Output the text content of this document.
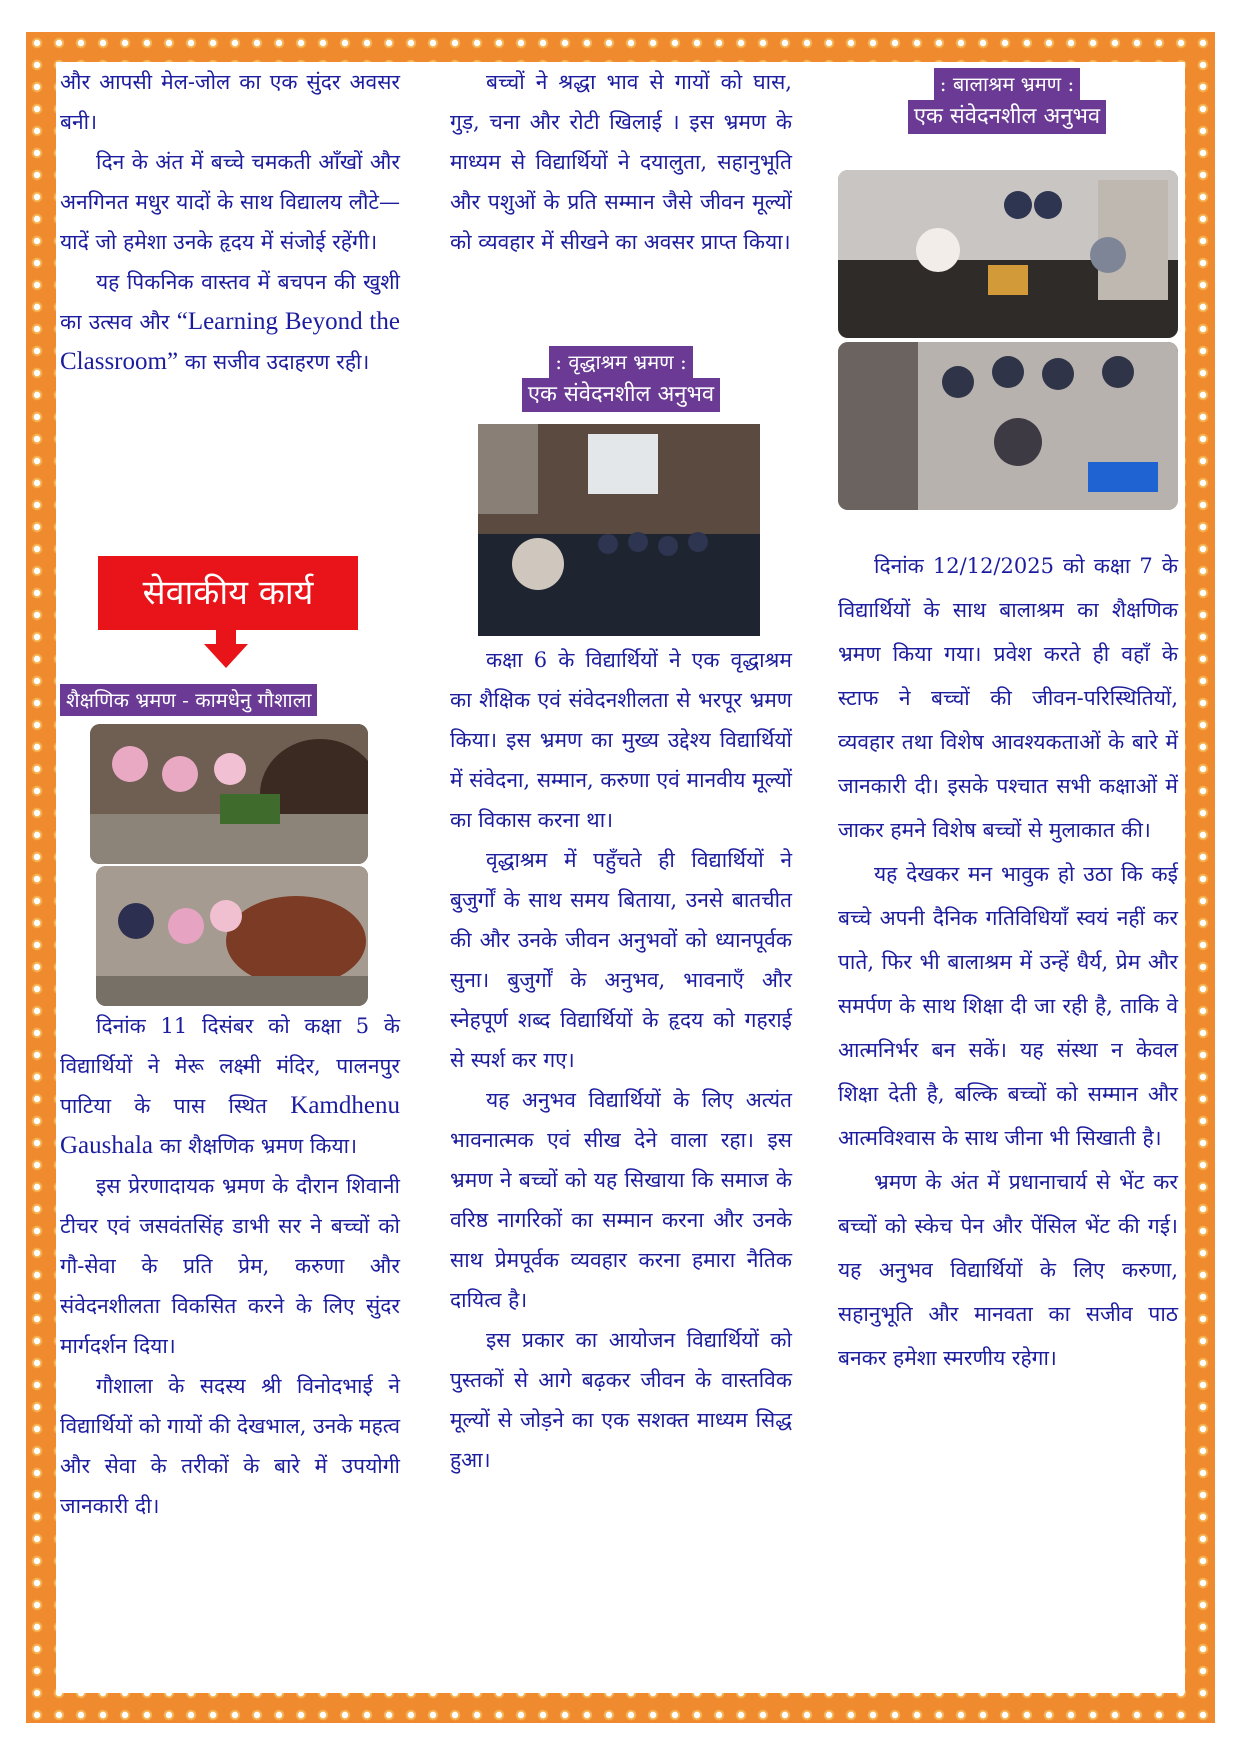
और आपसी मेल-जोल का एक सुंदर अवसर बनी।

दिन के अंत में बच्चे चमकती आँखों और अनगिनत मधुर यादों के साथ विद्यालय लौटे—यादें जो हमेशा उनके हृदय में संजोई रहेंगी।

यह पिकनिक वास्तव में बचपन की खुशी का उत्सव और “Learning Beyond the Classroom” का सजीव उदाहरण रही।

सेवाकीय कार्य
शैक्षणिक भ्रमण - कामधेनु गौशाला

दिनांक 11 दिसंबर को कक्षा 5 के विद्यार्थियों ने मेरू लक्ष्मी मंदिर, पालनपुर पाटिया के पास स्थित Kamdhenu Gaushala का शैक्षणिक भ्रमण किया।

इस प्रेरणादायक भ्रमण के दौरान शिवानी टीचर एवं जसवंतसिंह डाभी सर ने बच्चों को गौ-सेवा के प्रति प्रेम, करुणा और संवेदनशीलता विकसित करने के लिए सुंदर मार्गदर्शन दिया।

गौशाला के सदस्य श्री विनोदभाई ने विद्यार्थियों को गायों की देखभाल, उनके महत्व और सेवा के तरीकों के बारे में उपयोगी जानकारी दी।

बच्चों ने श्रद्धा भाव से गायों को घास, गुड़, चना और रोटी खिलाई । इस भ्रमण के माध्यम से विद्यार्थियों ने दयालुता, सहानुभूति और पशुओं के प्रति सम्मान जैसे जीवन मूल्यों को व्यवहार में सीखने का अवसर प्राप्त किया।

: वृद्धाश्रम भ्रमण :
एक संवेदनशील अनुभव

कक्षा 6 के विद्यार्थियों ने एक वृद्धाश्रम का शैक्षिक एवं संवेदनशीलता से भरपूर भ्रमण किया। इस भ्रमण का मुख्य उद्देश्य विद्यार्थियों में संवेदना, सम्मान, करुणा एवं मानवीय मूल्यों का विकास करना था।

वृद्धाश्रम में पहुँचते ही विद्यार्थियों ने बुजुर्गों के साथ समय बिताया, उनसे बातचीत की और उनके जीवन अनुभवों को ध्यानपूर्वक सुना। बुजुर्गों के अनुभव, भावनाएँ और स्नेहपूर्ण शब्द विद्यार्थियों के हृदय को गहराई से स्पर्श कर गए।

यह अनुभव विद्यार्थियों के लिए अत्यंत भावनात्मक एवं सीख देने वाला रहा। इस भ्रमण ने बच्चों को यह सिखाया कि समाज के वरिष्ठ नागरिकों का सम्मान करना और उनके साथ प्रेमपूर्वक व्यवहार करना हमारा नैतिक दायित्व है।

इस प्रकार का आयोजन विद्यार्थियों को पुस्तकों से आगे बढ़कर जीवन के वास्तविक मूल्यों से जोड़ने का एक सशक्त माध्यम सिद्ध हुआ।

: बालाश्रम भ्रमण :
एक संवेदनशील अनुभव

दिनांक 12/12/2025 को कक्षा 7 के विद्यार्थियों के साथ बालाश्रम का शैक्षणिक भ्रमण किया गया। प्रवेश करते ही वहाँ के स्टाफ ने बच्चों की जीवन-परिस्थितियों, व्यवहार तथा विशेष आवश्यकताओं के बारे में जानकारी दी। इसके पश्चात सभी कक्षाओं में जाकर हमने विशेष बच्चों से मुलाकात की।

यह देखकर मन भावुक हो उठा कि कई बच्चे अपनी दैनिक गतिविधियाँ स्वयं नहीं कर पाते, फिर भी बालाश्रम में उन्हें धैर्य, प्रेम और समर्पण के साथ शिक्षा दी जा रही है, ताकि वे आत्मनिर्भर बन सकें। यह संस्था न केवल शिक्षा देती है, बल्कि बच्चों को सम्मान और आत्मविश्वास के साथ जीना भी सिखाती है।

भ्रमण के अंत में प्रधानाचार्य से भेंट कर बच्चों को स्केच पेन और पेंसिल भेंट की गई। यह अनुभव विद्यार्थियों के लिए करुणा, सहानुभूति और मानवता का सजीव पाठ बनकर हमेशा स्मरणीय रहेगा।
